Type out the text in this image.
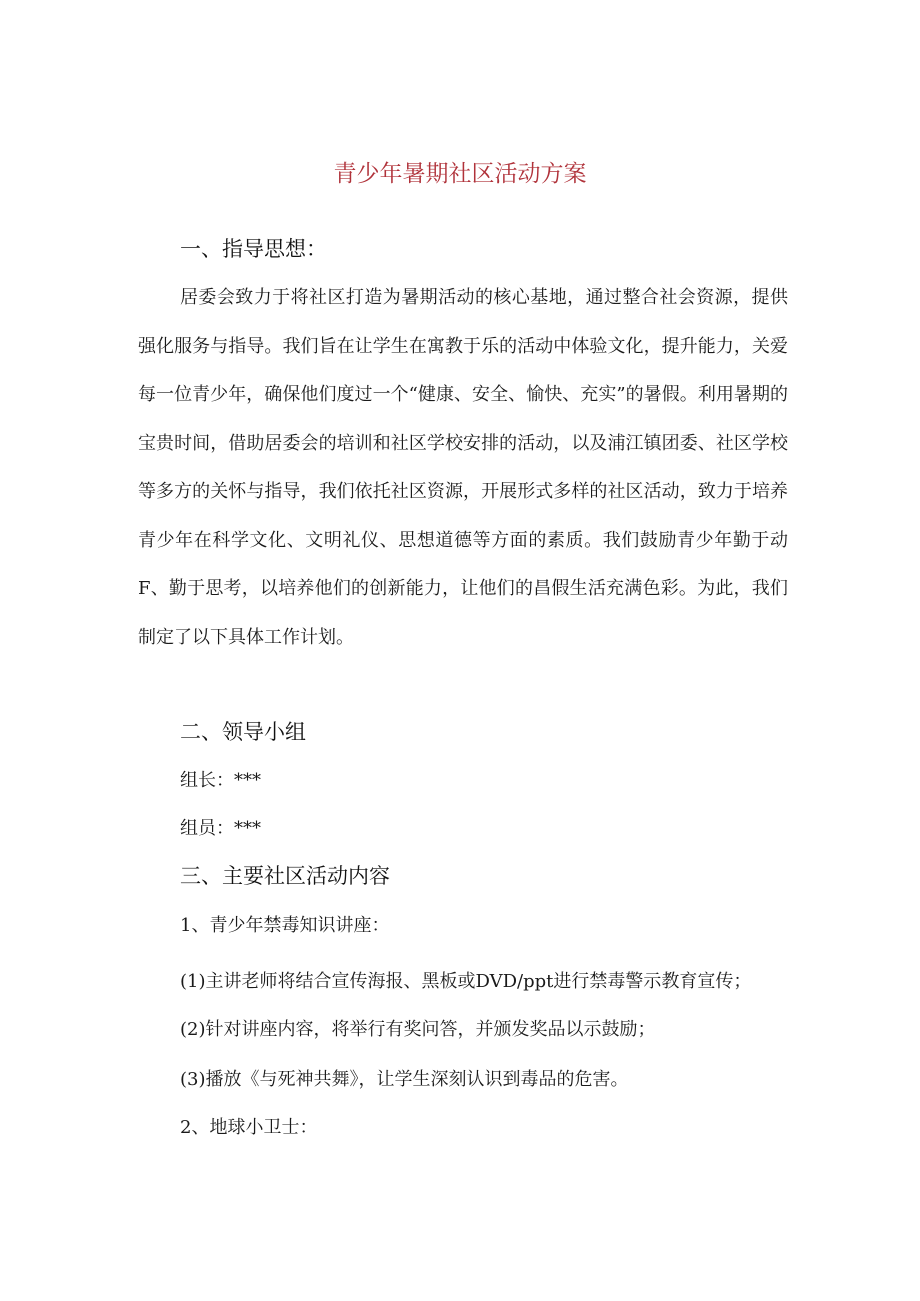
青少年暑期社区活动方案
一、指导思想：
居委会致力于将社区打造为暑期活动的核心基地，通过整合社会资源，提供强化服务与指导。我们旨在让学生在寓教于乐的活动中体验文化，提升能力，关爱每一位青少年，确保他们度过一个“健康、安全、愉快、充实”的暑假。利用暑期的宝贵时间，借助居委会的培训和社区学校安排的活动，以及浦江镇团委、社区学校等多方的关怀与指导，我们依托社区资源，开展形式多样的社区活动，致力于培养青少年在科学文化、文明礼仪、思想道德等方面的素质。我们鼓励青少年勤于动F、勤于思考，以培养他们的创新能力，让他们的昌假生活充满色彩。为此，我们制定了以下具体工作计划。
二、领导小组
组长：***
组员：***
三、主要社区活动内容
1、青少年禁毒知识讲座：
(1)主讲老师将结合宣传海报、黑板或DVD/ppt进行禁毒警示教育宣传；
(2)针对讲座内容，将举行有奖问答，并颁发奖品以示鼓励；
(3)播放《与死神共舞》，让学生深刻认识到毒品的危害。
2、地球小卫士：
